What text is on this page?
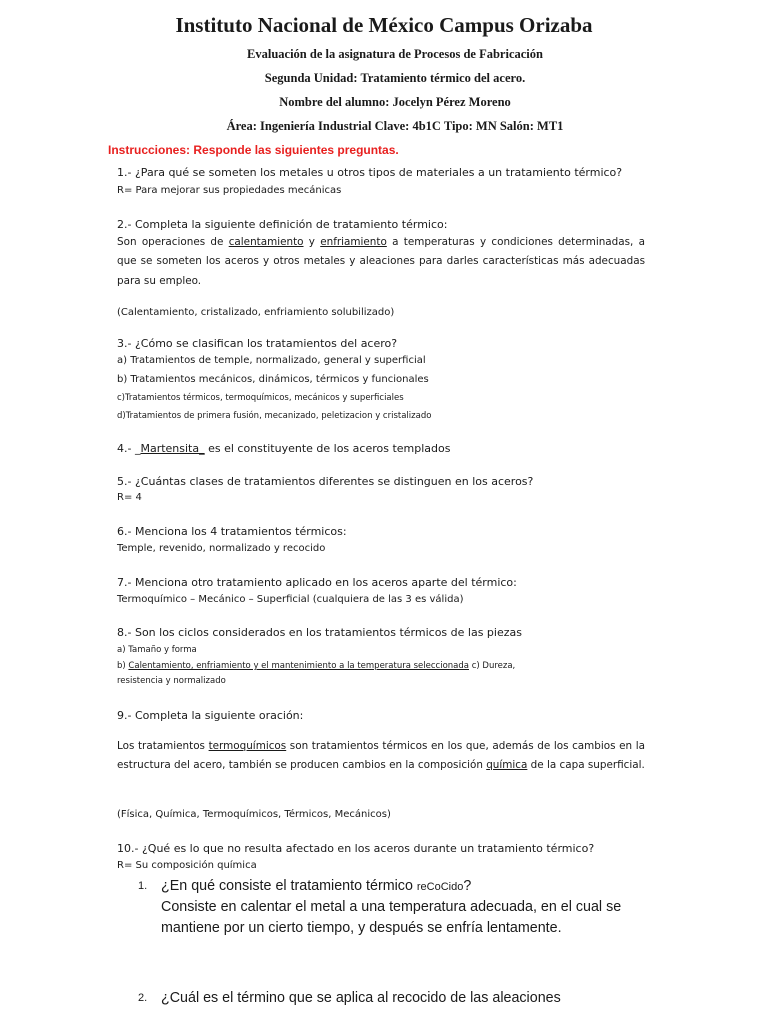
Instituto Nacional de México Campus Orizaba
Evaluación de la asignatura de Procesos de Fabricación
Segunda Unidad: Tratamiento térmico del acero.
Nombre del alumno: Jocelyn Pérez Moreno
Área: Ingeniería Industrial Clave: 4b1C Tipo: MN Salón: MT1
Instrucciones: Responde las siguientes preguntas.
1.- ¿Para qué se someten los metales u otros tipos de materiales a un tratamiento térmico?
R= Para mejorar sus propiedades mecánicas
2.- Completa la siguiente definición de tratamiento térmico:
Son operaciones de calentamiento y enfriamiento a temperaturas y condiciones determinadas, a que se someten los aceros y otros metales y aleaciones para darles características más adecuadas para su empleo.
(Calentamiento, cristalizado, enfriamiento solubilizado)
3.- ¿Cómo se clasifican los tratamientos del acero?
a) Tratamientos de temple, normalizado, general y superficial
b) Tratamientos mecánicos, dinámicos, térmicos y funcionales
c)Tratamientos térmicos, termoquímicos, mecánicos y superficiales
d)Tratamientos de primera fusión, mecanizado, peletizacion y cristalizado
4.- _Martensita_ es el constituyente de los aceros templados
5.- ¿Cuántas clases de tratamientos diferentes se distinguen en los aceros?
R= 4
6.- Menciona los 4 tratamientos térmicos:
Temple, revenido, normalizado y recocido
7.- Menciona otro tratamiento aplicado en los aceros aparte del térmico:
Termoquímico – Mecánico – Superficial (cualquiera de las 3 es válida)
8.- Son los ciclos considerados en los tratamientos térmicos de las piezas
a) Tamaño y forma
b) Calentamiento, enfriamiento y el mantenimiento a la temperatura seleccionada c) Dureza,
resistencia y normalizado
9.- Completa la siguiente oración:
Los tratamientos termoquímicos son tratamientos térmicos en los que, además de los cambios en la estructura del acero, también se producen cambios en la composición química de la capa superficial.
(Física, Química, Termoquímicos, Térmicos, Mecánicos)
10.- ¿Qué es lo que no resulta afectado en los aceros durante un tratamiento térmico?
R= Su composición química
1. ¿En qué consiste el tratamiento térmico reCoCido?
Consiste en calentar el metal a una temperatura adecuada, en el cual se mantiene por un cierto tiempo, y después se enfría lentamente.
2. ¿Cuál es el término que se aplica al recocido de las aleaciones
